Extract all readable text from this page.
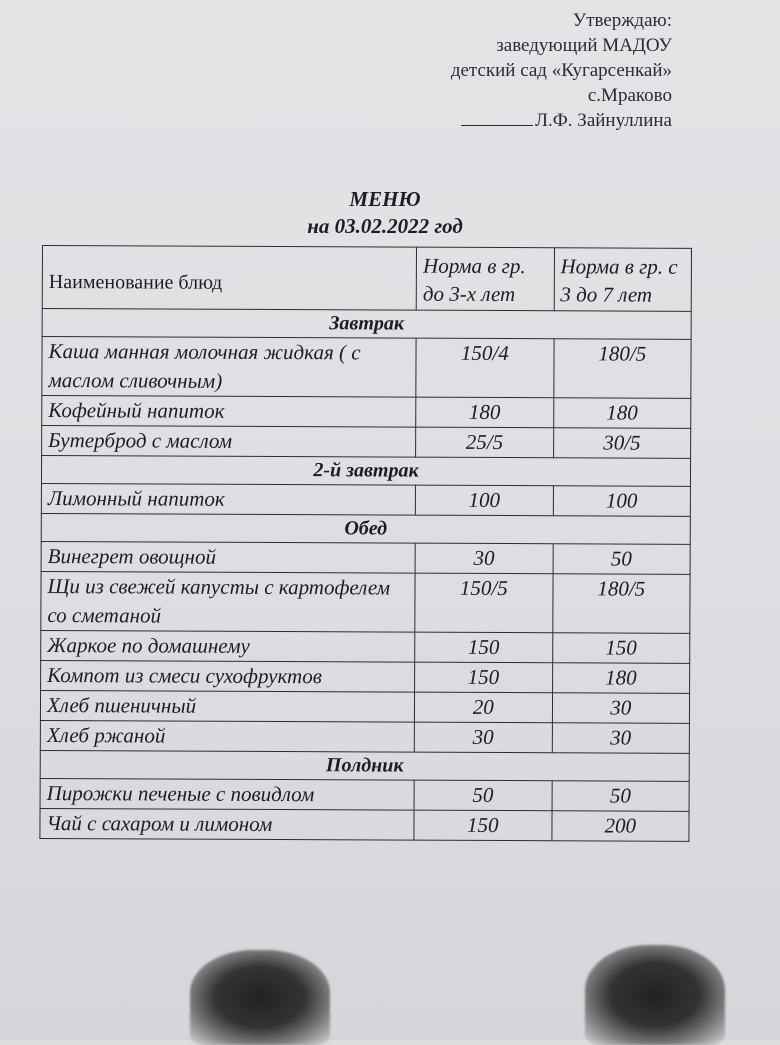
Утверждаю:
заведующий МАДОУ
детский сад «Кугарсенкай»
с.Мраково
Л.Ф. Зайнуллина
МЕНЮ
на 03.02.2022 год
Наименование блюд	Норма в гр. до 3-х лет	Норма в гр. с 3 до 7 лет
Завтрак		
Каша манная молочная жидкая ( с маслом сливочным)	150/4	180/5
Кофейный напиток	180	180
Бутерброд с маслом	25/5	30/5
2-й завтрак		
Лимонный напиток	100	100
Обед		
Винегрет овощной	30	50
Щи из свежей капусты с картофелем со сметаной	150/5	180/5
Жаркое по домашнему	150	150
Компот из смеси сухофруктов	150	180
Хлеб пшеничный	20	30
Хлеб ржаной	30	30
Полдник		
Пирожки печеные с повидлом	50	50
Чай с сахаром и лимоном	150	200
